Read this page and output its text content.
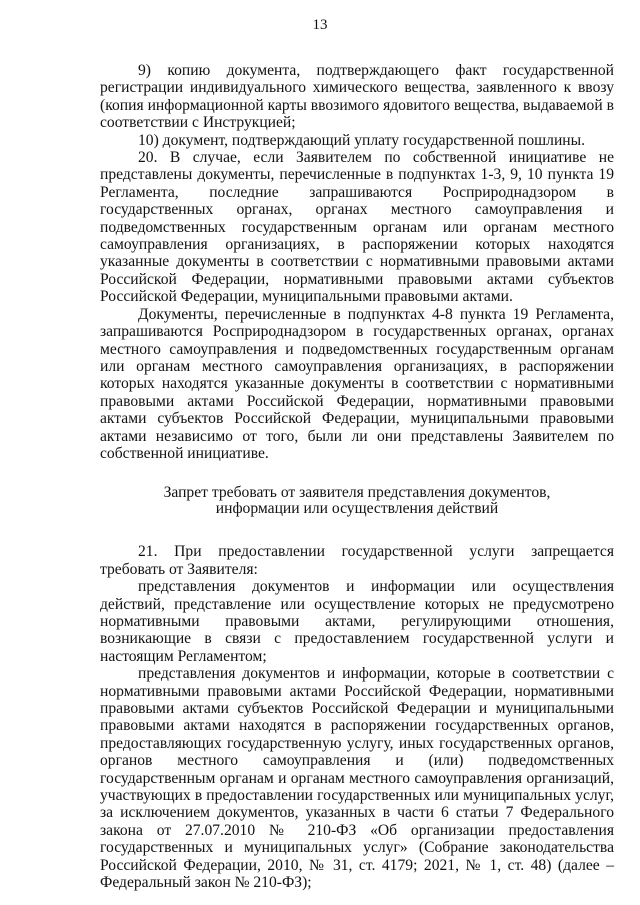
13

9) копию документа, подтверждающего факт государственной регистрации индивидуального химического вещества, заявленного к ввозу (копия информационной карты ввозимого ядовитого вещества, выдаваемой в соответствии с Инструкцией;

10) документ, подтверждающий уплату государственной пошлины.

20. В случае, если Заявителем по собственной инициативе не представлены документы, перечисленные в подпунктах 1-3, 9, 10 пункта 19 Регламента, последние запрашиваются Росприроднадзором в государственных органах, органах местного самоуправления и подведомственных государственным органам или органам местного самоуправления организациях, в распоряжении которых находятся указанные документы в соответствии с нормативными правовыми актами Российской Федерации, нормативными правовыми актами субъектов Российской Федерации, муниципальными правовыми актами.

Документы, перечисленные в подпунктах 4-8 пункта 19 Регламента, запрашиваются Росприроднадзором в государственных органах, органах местного самоуправления и подведомственных государственным органам или органам местного самоуправления организациях, в распоряжении которых находятся указанные документы в соответствии с нормативными правовыми актами Российской Федерации, нормативными правовыми актами субъектов Российской Федерации, муниципальными правовыми актами независимо от того, были ли они представлены Заявителем по собственной инициативе.

Запрет требовать от заявителя представления документов,
информации или осуществления действий

21. При предоставлении государственной услуги запрещается требовать от Заявителя:

представления документов и информации или осуществления действий, представление или осуществление которых не предусмотрено нормативными правовыми актами, регулирующими отношения, возникающие в связи с предоставлением государственной услуги и настоящим Регламентом;

представления документов и информации, которые в соответствии с нормативными правовыми актами Российской Федерации, нормативными правовыми актами субъектов Российской Федерации и муниципальными правовыми актами находятся в распоряжении государственных органов, предоставляющих государственную услугу, иных государственных органов, органов местного самоуправления и (или) подведомственных государственным органам и органам местного самоуправления организаций, участвующих в предоставлении государственных или муниципальных услуг, за исключением документов, указанных в части 6 статьи 7 Федерального закона от 27.07.2010 № 210-ФЗ «Об организации предоставления государственных и муниципальных услуг» (Собрание законодательства Российской Федерации, 2010, № 31, ст. 4179; 2021, № 1, ст. 48) (далее – Федеральный закон № 210-ФЗ);
